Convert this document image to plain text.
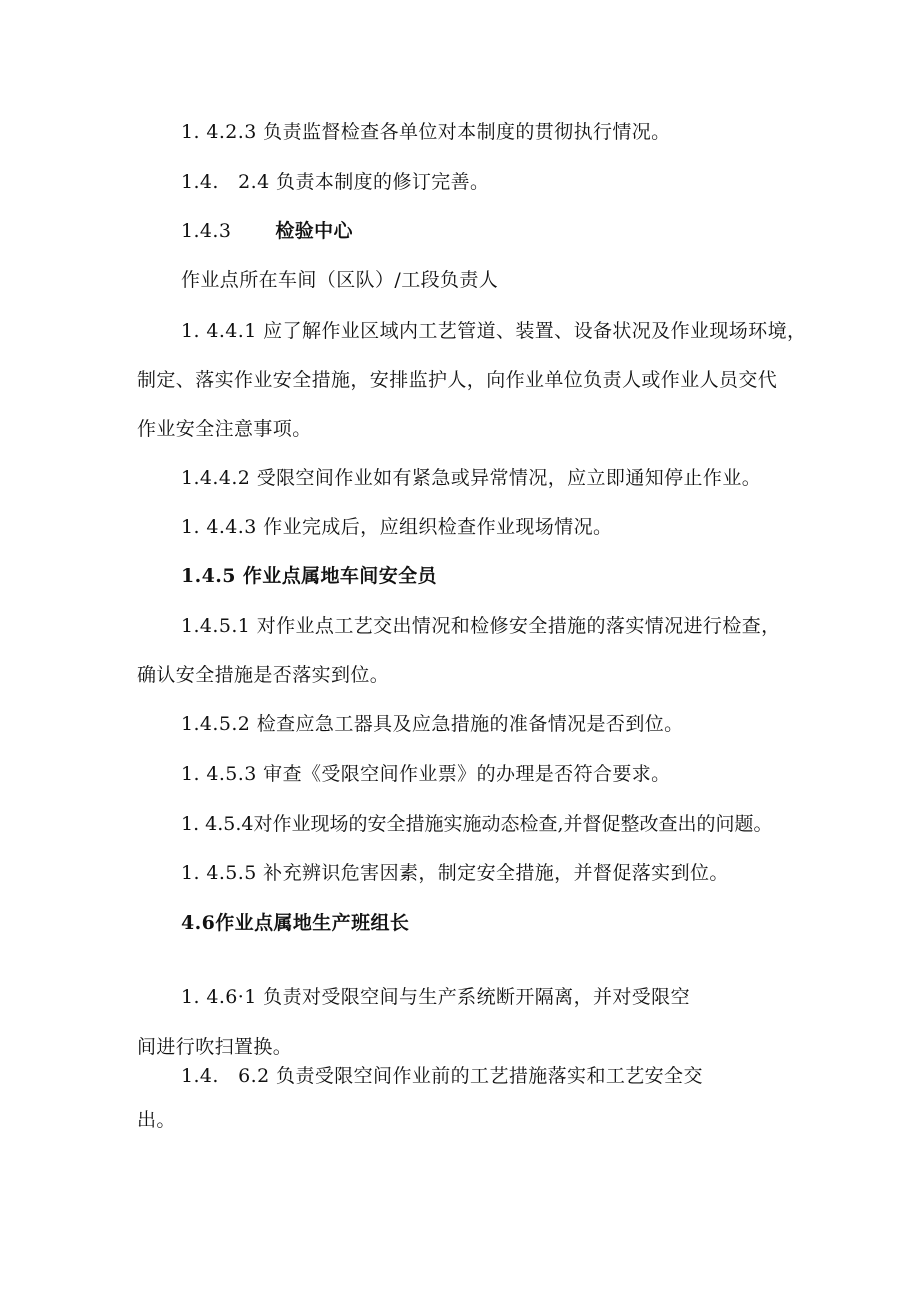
1. 4.2.3 负责监督检查各单位对本制度的贯彻执行情况。
1.4.   2.4 负责本制度的修订完善。
1.4.3 检验中心
作业点所在车间（区队）/工段负责人
1. 4.4.1 应了解作业区域内工艺管道、装置、设备状况及作业现场环境，
制定、落实作业安全措施，安排监护人，向作业单位负责人或作业人员交代
作业安全注意事项。
1.4.4.2 受限空间作业如有紧急或异常情况，应立即通知停止作业。
1. 4.4.3 作业完成后，应组织检查作业现场情况。
1.4.5 作业点属地车间安全员
1.4.5.1 对作业点工艺交出情况和检修安全措施的落实情况进行检查，
确认安全措施是否落实到位。
1.4.5.2 检查应急工器具及应急措施的准备情况是否到位。
1. 4.5.3 审查《受限空间作业票》的办理是否符合要求。
1. 4.5.4对作业现场的安全措施实施动态检查,并督促整改查出的问题。
1. 4.5.5 补充辨识危害因素，制定安全措施，并督促落实到位。
4.6作业点属地生产班组长
1. 4.6·1 负责对受限空间与生产系统断开隔离，并对受限空
间进行吹扫置换。
1.4.   6.2 负责受限空间作业前的工艺措施落实和工艺安全交
出。
